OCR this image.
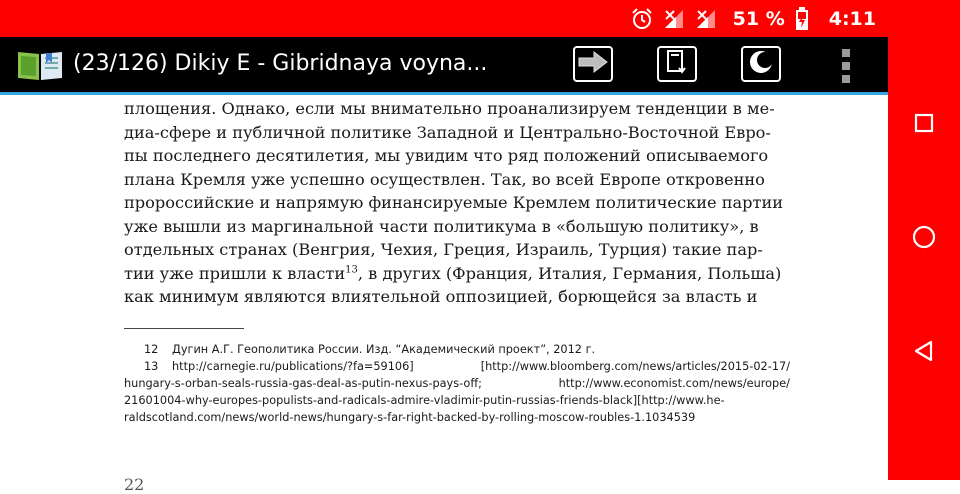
51 % 4:11
(23/126) Dikiy E - Gibridnaya voyna...
площения. Однако, если мы внимательно проанализируем тенденции в ме-
диа-сфере и публичной политике Западной и Центрально-Восточной Евро-
пы последнего десятилетия, мы увидим что ряд положений описываемого
плана Кремля уже успешно осуществлен. Так, во всей Европе откровенно
пророссийские и напрямую финансируемые Кремлем политические партии
уже вышли из маргинальной части политикума в «большую политику», в
отдельных странах (Венгрия, Чехия, Греция, Израиль, Турция) такие пар-
тии уже пришли к власти$^{13}$, в других (Франция, Италия, Германия, Польша)
как минимум являются влиятельной оппозицией, борющейся за власть и
12 Дугин А.Г. Геополитика России. Изд. “Академический проект”, 2012 г.
13 http://carnegie.ru/publications/?fa=59106]	[http://www.bloomberg.com/news/articles/2015-02-17/
hungary-s-orban-seals-russia-gas-deal-as-putin-nexus-pays-off;	http://www.economist.com/news/europe/
21601004-why-europes-populists-and-radicals-admire-vladimir-putin-russias-friends-black][http://www.he-
raldscotland.com/news/world-news/hungary-s-far-right-backed-by-rolling-moscow-roubles-1.1034539
22
